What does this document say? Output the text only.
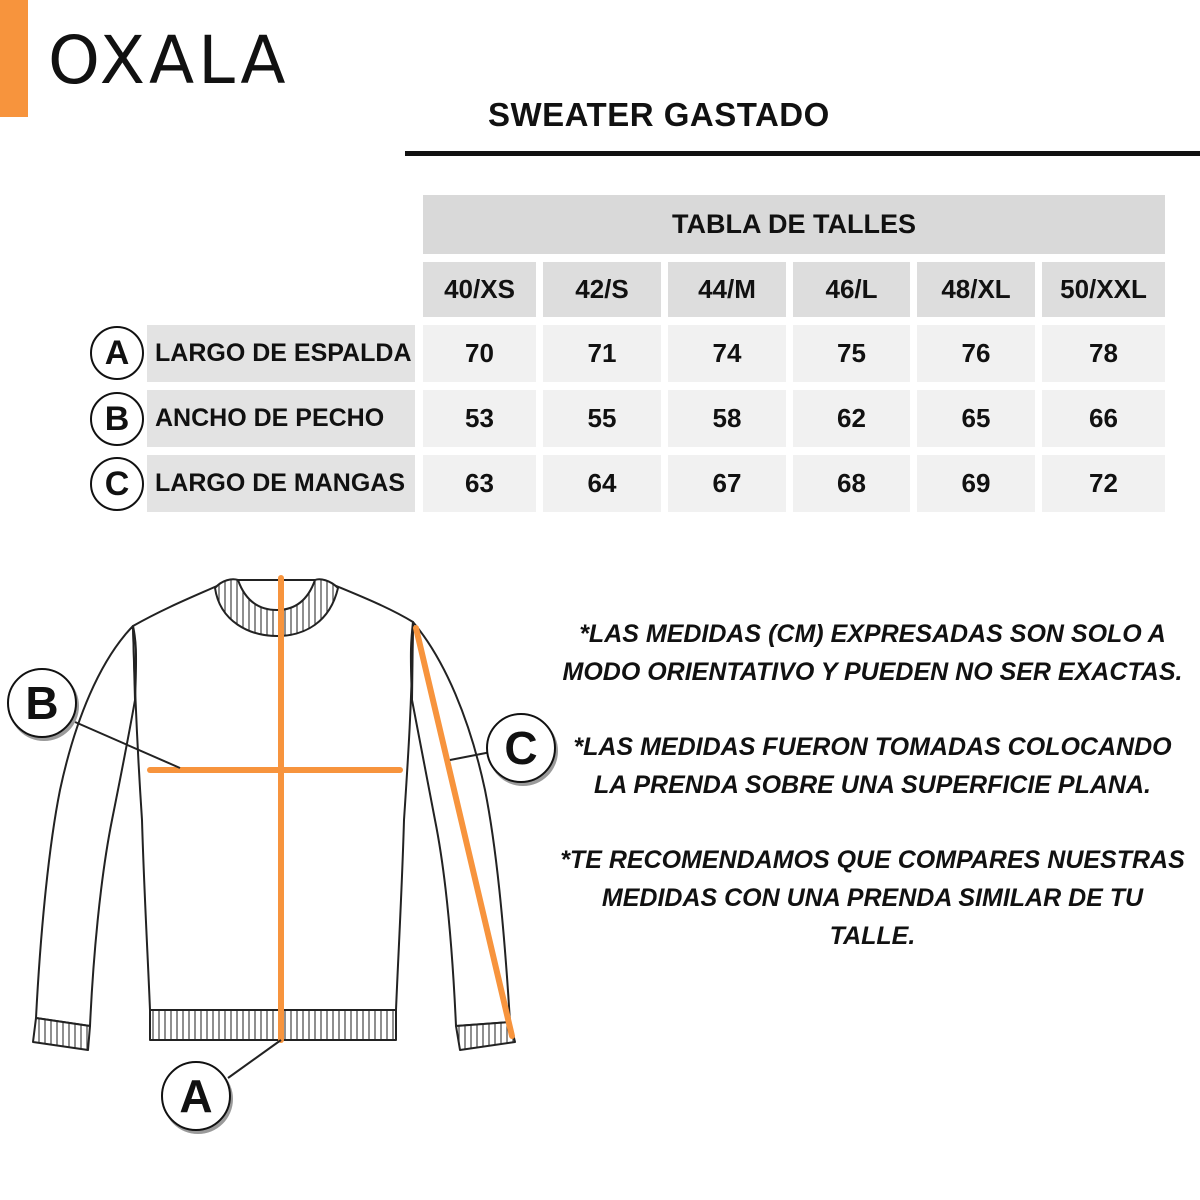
OXALA
SWEATER GASTADO
TABLA DE TALLES
40/XS	42/S	44/M	46/L	48/XL	50/XXL
A	LARGO DE ESPALDA	70	71	74	75	76	78
B	ANCHO DE PECHO	53	55	58	62	65	66
C	LARGO DE MANGAS	63	64	67	68	69	72
B
C
A

*LAS MEDIDAS (CM) EXPRESADAS SON SOLO A MODO ORIENTATIVO Y PUEDEN NO SER EXACTAS.

*LAS MEDIDAS FUERON TOMADAS COLOCANDO LA PRENDA SOBRE UNA SUPERFICIE PLANA.

*TE RECOMENDAMOS QUE COMPARES NUESTRAS MEDIDAS CON UNA PRENDA SIMILAR DE TU TALLE.
